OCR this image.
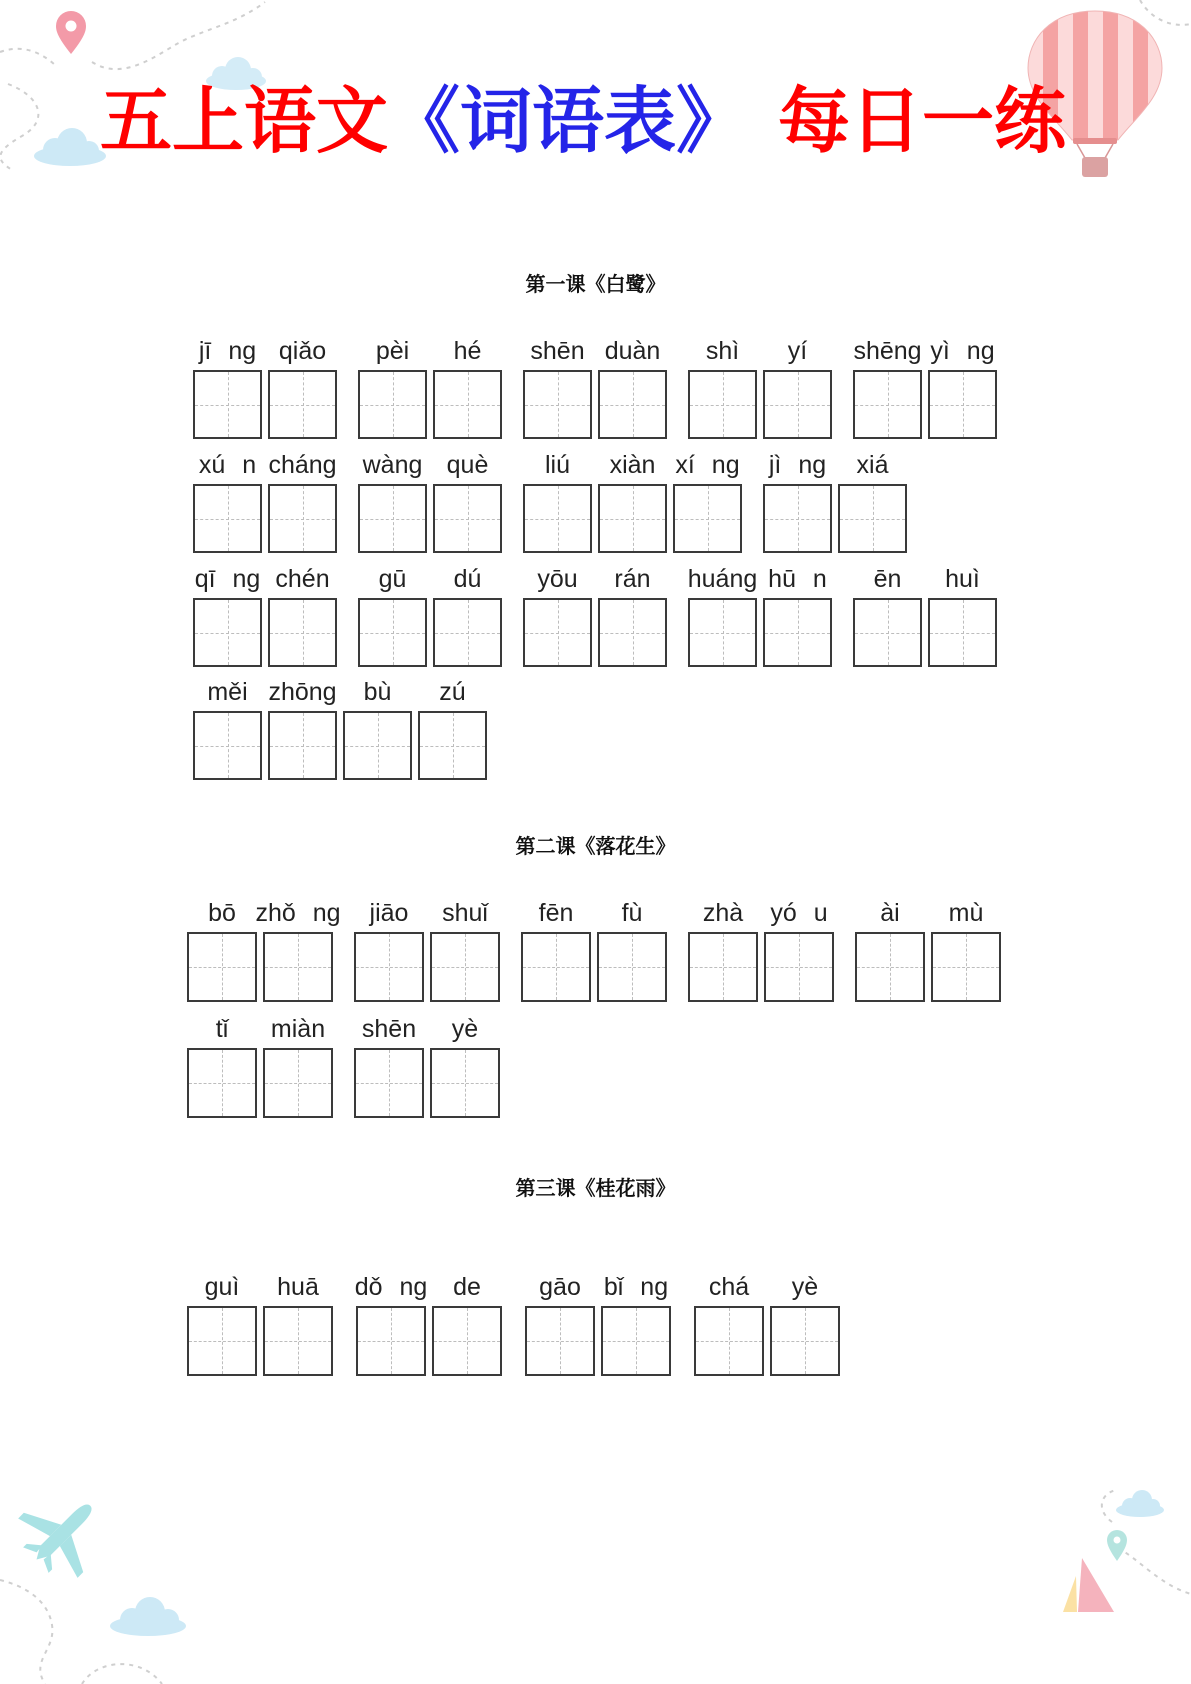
五上语文《词语表》 每日一练
第一课《白鹭》
jī ng qiǎo pèi hé shēn duàn shì yí shēng yì ng
xú n cháng wàng què liú xiàn xí ng jì ng xiá
qī ng chén gū dú yōu rán huáng hū n ēn huì
měi zhōng bù zú
第二课《落花生》
bō zhǒ ng jiāo shuǐ fēn fù zhà yó u ài mù
tǐ miàn shēn yè
第三课《桂花雨》
guì huā dǒ ng de gāo bǐ ng chá yè
